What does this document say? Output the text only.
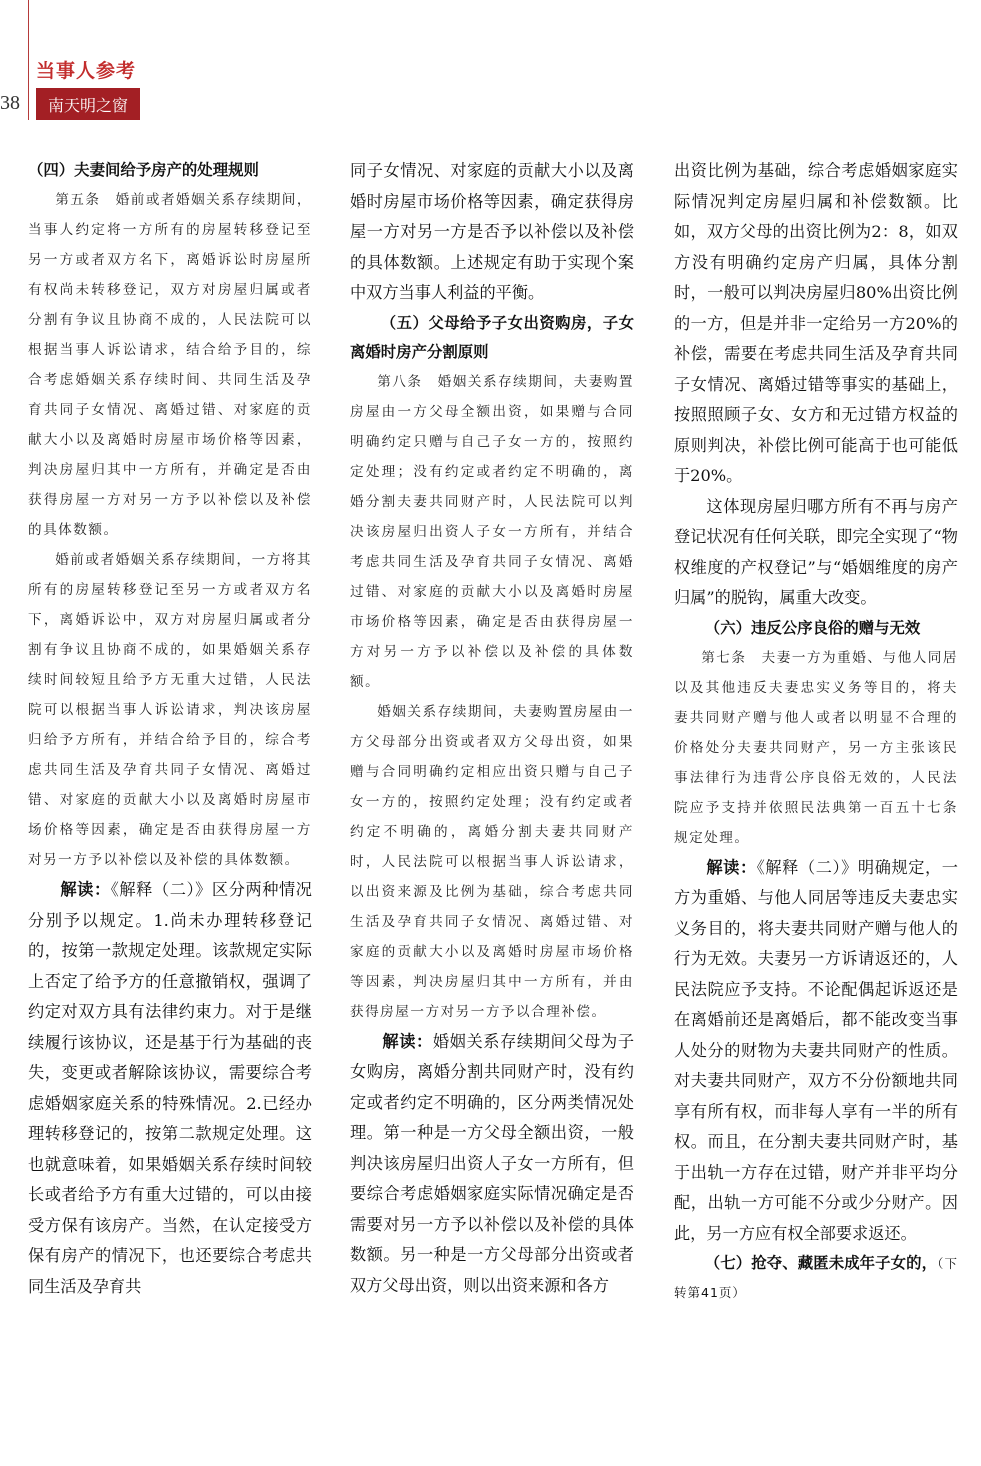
当事人参考
38	南天明之窗

（四）夫妻间给予房产的处理规则

第五条　婚前或者婚姻关系存续期间，当事人约定将一方所有的房屋转移登记至另一方或者双方名下，离婚诉讼时房屋所有权尚未转移登记，双方对房屋归属或者分割有争议且协商不成的，人民法院可以根据当事人诉讼请求，结合给予目的，综合考虑婚姻关系存续时间、共同生活及孕育共同子女情况、离婚过错、对家庭的贡献大小以及离婚时房屋市场价格等因素，判决房屋归其中一方所有，并确定是否由获得房屋一方对另一方予以补偿以及补偿的具体数额。

婚前或者婚姻关系存续期间，一方将其所有的房屋转移登记至另一方或者双方名下，离婚诉讼中，双方对房屋归属或者分割有争议且协商不成的，如果婚姻关系存续时间较短且给予方无重大过错，人民法院可以根据当事人诉讼请求，判决该房屋归给予方所有，并结合给予目的，综合考虑共同生活及孕育共同子女情况、离婚过错、对家庭的贡献大小以及离婚时房屋市场价格等因素，确定是否由获得房屋一方对另一方予以补偿以及补偿的具体数额。

解读：《解释（二）》区分两种情况分别予以规定。1.尚未办理转移登记的，按第一款规定处理。该款规定实际上否定了给予方的任意撤销权，强调了约定对双方具有法律约束力。对于是继续履行该协议，还是基于行为基础的丧失，变更或者解除该协议，需要综合考虑婚姻家庭关系的特殊情况。2.已经办理转移登记的，按第二款规定处理。这也就意味着，如果婚姻关系存续时间较长或者给予方有重大过错的，可以由接受方保有该房产。当然，在认定接受方保有房产的情况下，也还要综合考虑共同生活及孕育共

同子女情况、对家庭的贡献大小以及离婚时房屋市场价格等因素，确定获得房屋一方对另一方是否予以补偿以及补偿的具体数额。上述规定有助于实现个案中双方当事人利益的平衡。

（五）父母给予子女出资购房，子女离婚时房产分割原则

第八条　婚姻关系存续期间，夫妻购置房屋由一方父母全额出资，如果赠与合同明确约定只赠与自己子女一方的，按照约定处理；没有约定或者约定不明确的，离婚分割夫妻共同财产时，人民法院可以判决该房屋归出资人子女一方所有，并结合考虑共同生活及孕育共同子女情况、离婚过错、对家庭的贡献大小以及离婚时房屋市场价格等因素，确定是否由获得房屋一方对另一方予以补偿以及补偿的具体数额。

婚姻关系存续期间，夫妻购置房屋由一方父母部分出资或者双方父母出资，如果赠与合同明确约定相应出资只赠与自己子女一方的，按照约定处理；没有约定或者约定不明确的，离婚分割夫妻共同财产时，人民法院可以根据当事人诉讼请求，以出资来源及比例为基础，综合考虑共同生活及孕育共同子女情况、离婚过错、对家庭的贡献大小以及离婚时房屋市场价格等因素，判决房屋归其中一方所有，并由获得房屋一方对另一方予以合理补偿。

解读：婚姻关系存续期间父母为子女购房，离婚分割共同财产时，没有约定或者约定不明确的，区分两类情况处理。第一种是一方父母全额出资，一般判决该房屋归出资人子女一方所有，但要综合考虑婚姻家庭实际情况确定是否需要对另一方予以补偿以及补偿的具体数额。另一种是一方父母部分出资或者双方父母出资，则以出资来源和各方

出资比例为基础，综合考虑婚姻家庭实际情况判定房屋归属和补偿数额。比如，双方父母的出资比例为2：8，如双方没有明确约定房产归属，具体分割时，一般可以判决房屋归80%出资比例的一方，但是并非一定给另一方20%的补偿，需要在考虑共同生活及孕育共同子女情况、离婚过错等事实的基础上，按照照顾子女、女方和无过错方权益的原则判决，补偿比例可能高于也可能低于20%。

这体现房屋归哪方所有不再与房产登记状况有任何关联，即完全实现了“物权维度的产权登记”与“婚姻维度的房产归属”的脱钩，属重大改变。

（六）违反公序良俗的赠与无效

第七条　夫妻一方为重婚、与他人同居以及其他违反夫妻忠实义务等目的，将夫妻共同财产赠与他人或者以明显不合理的价格处分夫妻共同财产，另一方主张该民事法律行为违背公序良俗无效的，人民法院应予支持并依照民法典第一百五十七条规定处理。

解读：《解释（二）》明确规定，一方为重婚、与他人同居等违反夫妻忠实义务目的，将夫妻共同财产赠与他人的行为无效。夫妻另一方诉请返还的，人民法院应予支持。不论配偶起诉返还是在离婚前还是离婚后，都不能改变当事人处分的财物为夫妻共同财产的性质。对夫妻共同财产，双方不分份额地共同享有所有权，而非每人享有一半的所有权。而且，在分割夫妻共同财产时，基于出轨一方存在过错，财产并非平均分配，出轨一方可能不分或少分财产。因此，另一方应有权全部要求返还。

（七）抢夺、藏匿未成年子女的，（下转第41页）
